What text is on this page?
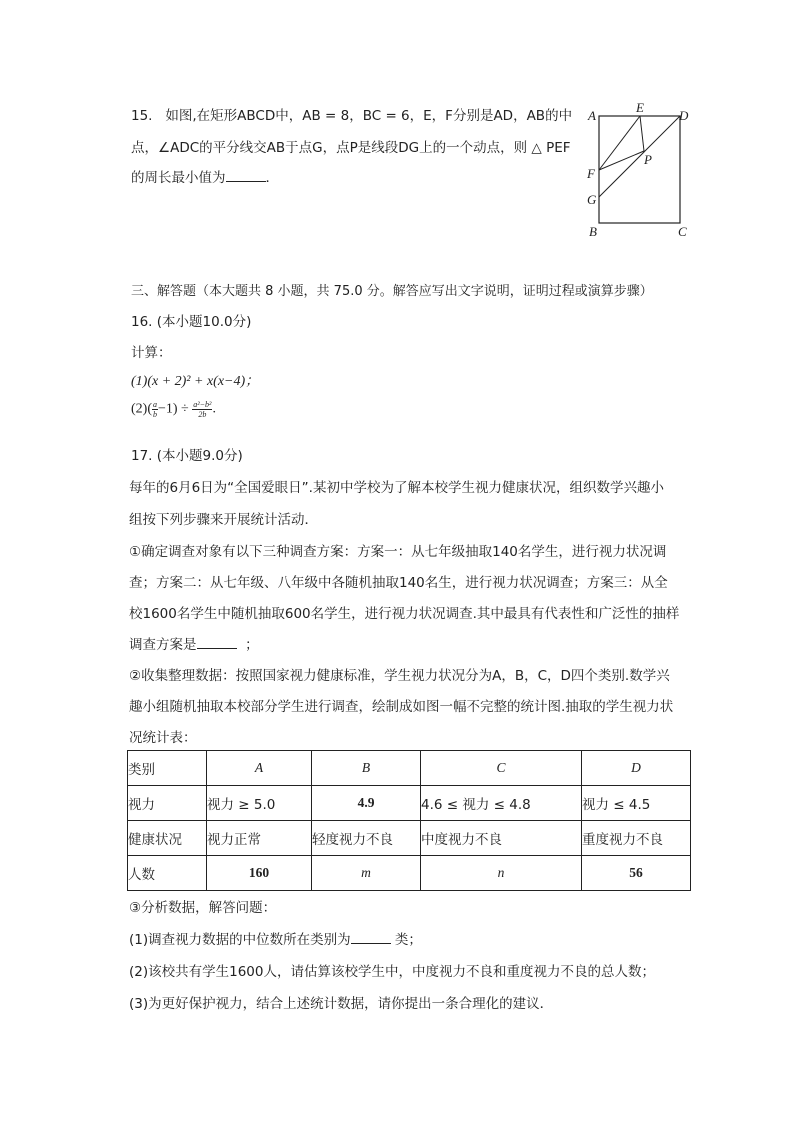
15. 如图,在矩形ABCD中，AB = 8，BC = 6，E，F分别是AD，AB的中
点，∠ADC的平分线交AB于点G，点P是线段DG上的一个动点，则 △ PEF
的周长最小值为	．
A
E
D
F
P
G
B	C
三、解答题（本大题共 8 小题，共 75.0 分。解答应写出文字说明，证明过程或演算步骤）
16. (本小题10.0分)
计算：
(1)(x + 2)² + x(x−4)；
$(2)( \frac{a}{b} -1) \div \frac{\text{a²−b²}}{2b}$ .
17. (本小题9.0分)
每年的6月6日为“全国爱眼日”.某初中学校为了解本校学生视力健康状况，组织数学兴趣小
组按下列步骤来开展统计活动．
①确定调查对象有以下三种调查方案：方案一：从七年级抽取140名学生，进行视力状况调
查；方案二：从七年级、八年级中各随机抽取140名生，进行视力状况调查；方案三：从全
校1600名学生中随机抽取600名学生，进行视力状况调查.其中最具有代表性和广泛性的抽样
调查方案是	；
②收集整理数据：按照国家视力健康标准，学生视力状况分为A，B，C，D四个类别.数学兴
趣小组随机抽取本校部分学生进行调查，绘制成如图一幅不完整的统计图.抽取的学生视力状
况统计表：
类别	A	B	C	D
视力	视力 ≥ 5.0	4.9	4.6 ≤ 视力 ≤ 4.8	视力 ≤ 4.5
健康状况	视力正常	轻度视力不良	中度视力不良	重度视力不良
人数	160	m	n	56
③分析数据，解答问题：
(1)调查视力数据的中位数所在类别为	类；
(2)该校共有学生1600人，请估算该校学生中，中度视力不良和重度视力不良的总人数；
(3)为更好保护视力，结合上述统计数据，请你提出一条合理化的建议．
